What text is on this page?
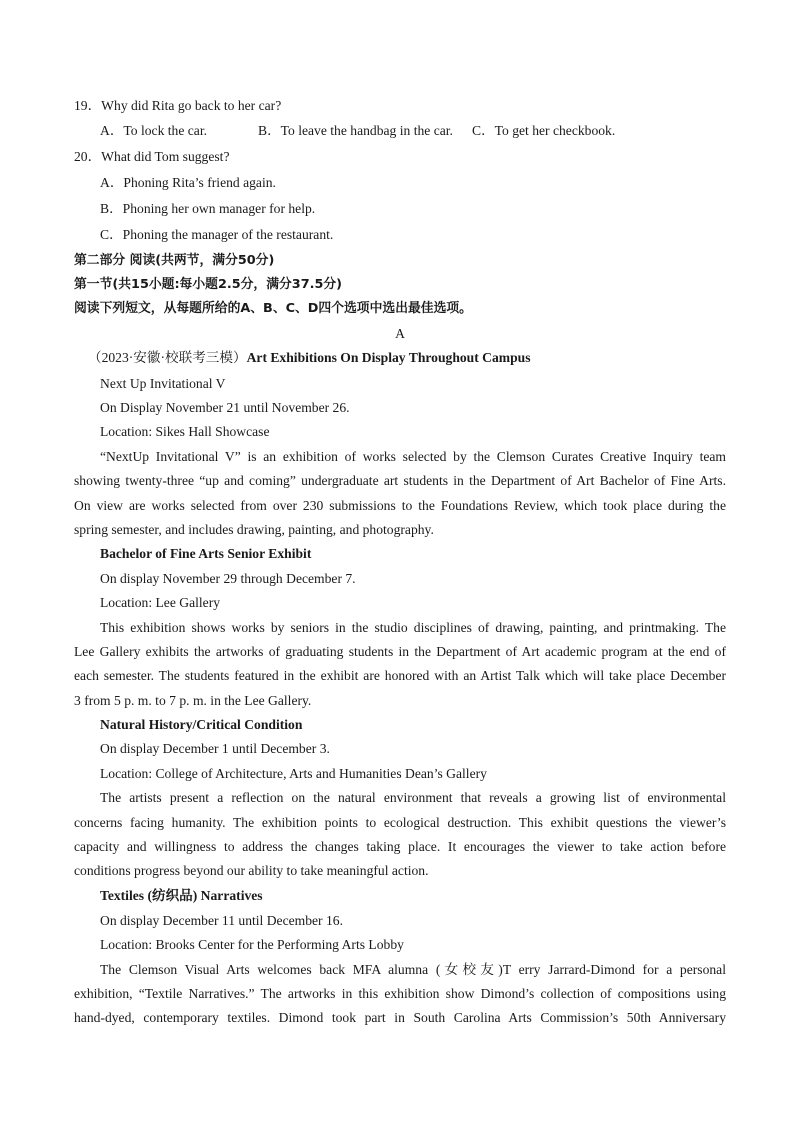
19．Why did Rita go back to her car?
A．To lock the car.	B．To leave the handbag in the car. C．To get her checkbook.
20．What did Tom suggest?
A．Phoning Rita’s friend again.
B．Phoning her own manager for help.
C．Phoning the manager of the restaurant.
第二部分 阅读(共两节，满分50分)
第一节(共15小题:每小题2.5分，满分37.5分)
阅读下列短文，从每题所给的A、B、C、D四个选项中选出最佳选项。
A
（2023·安徽·校联考三模）Art Exhibitions On Display Throughout Campus
Next Up Invitational V
On Display November 21 until November 26.
Location: Sikes Hall Showcase
“NextUp Invitational V” is an exhibition of works selected by the Clemson Curates Creative Inquiry team
showing twenty-three “up and coming” undergraduate art students in the Department of Art Bachelor of Fine Arts.
On view are works selected from over 230 submissions to the Foundations Review, which took place during the
spring semester, and includes drawing, painting, and photography.
Bachelor of Fine Arts Senior Exhibit
On display November 29 through December 7.
Location: Lee Gallery
This exhibition shows works by seniors in the studio disciplines of drawing, painting, and printmaking. The
Lee Gallery exhibits the artworks of graduating students in the Department of Art academic program at the end of
each semester. The students featured in the exhibit are honored with an Artist Talk which will take place December
3 from 5 p. m. to 7 p. m. in the Lee Gallery.
Natural History/Critical Condition
On display December 1 until December 3.
Location: College of Architecture, Arts and Humanities Dean’s Gallery
The artists present a reflection on the natural environment that reveals a growing list of environmental
concerns facing humanity. The exhibition points to ecological destruction. This exhibit questions the viewer’s
capacity and willingness to address the changes taking place. It encourages the viewer to take action before
conditions progress beyond our ability to take meaningful action.
Textiles (纺织品) Narratives
On display December 11 until December 16.
Location: Brooks Center for the Performing Arts Lobby
The Clemson Visual Arts welcomes back MFA alumna (女校友)T erry Jarrard-Dimond for a personal
exhibition, “Textile Narratives.” The artworks in this exhibition show Dimond’s collection of compositions using
hand-dyed, contemporary textiles. Dimond took part in South Carolina Arts Commission’s 50th Anniversary
